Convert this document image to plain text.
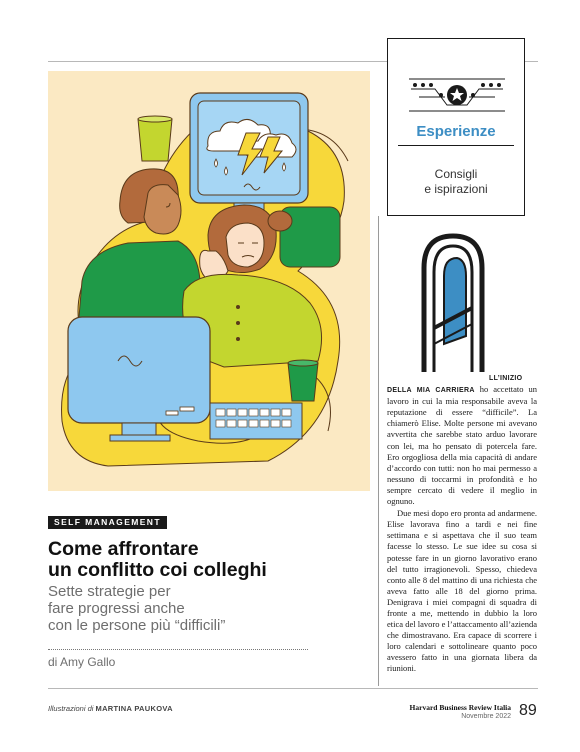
SELF MANAGEMENT
Come affrontare
un conflitto coi colleghi
Sette strategie per
fare progressi anche
con le persone più “difficili”
di Amy Gallo
Esperienze
Consigli
e ispirazioni

LL’INIZIO
DELLA MIA CARRIERA ho accettato un lavoro in cui la mia responsabile aveva la reputazione di essere “difficile”. La chiamerò Elise. Molte persone mi avevano avvertita che sarebbe stato arduo lavorare con lei, ma ho pensato di potercela fare. Ero orgogliosa della mia capacità di andare d’accordo con tutti: non ho mai permesso a nessuno di toccarmi in profondità e ho sempre cercato di vedere il meglio in ognuno.

Due mesi dopo ero pronta ad andarmene. Elise lavorava fino a tardi e nei fine settimana e si aspettava che il suo team facesse lo stesso. Le sue idee su cosa si potesse fare in un giorno lavorativo erano del tutto irragionevoli. Spesso, chiedeva conto alle 8 del mattino di una richiesta che aveva fatto alle 18 del giorno prima. Denigrava i miei compagni di squadra di fronte a me, mettendo in dubbio la loro etica del lavoro e l’attaccamento all’azienda che dimostravano. Era capace di scorrere i loro calendari e sottolineare quanto poco avessero fatto in una giornata libera da riunioni.

Illustrazioni di MARTINA PAUKOVA	Harvard Business Review Italia
Novembre 2022 89
